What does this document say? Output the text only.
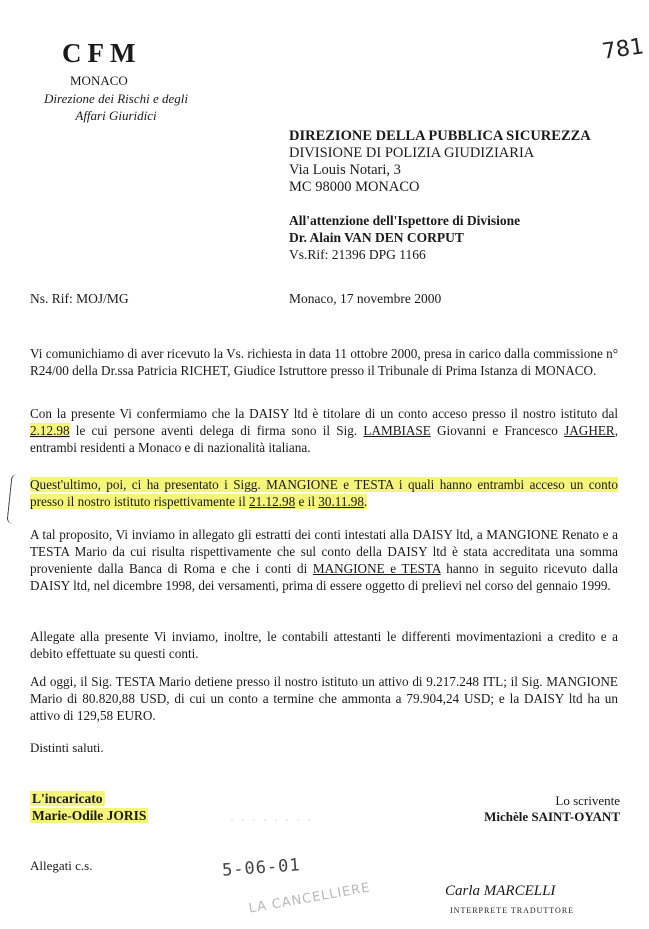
CFM
MONACO
Direzione dei Rischi e degli
Affari Giuridici
781
DIREZIONE DELLA PUBBLICA SICUREZZA
DIVISIONE DI POLIZIA GIUDIZIARIA
Via Louis Notari, 3
MC 98000 MONACO
All'attenzione dell'Ispettore di Divisione
Dr. Alain VAN DEN CORPUT
Vs.Rif: 21396 DPG 1166
Ns. Rif: MOJ/MG	Monaco, 17 novembre 2000
Vi comunichiamo di aver ricevuto la Vs. richiesta in data 11 ottobre 2000, presa in carico dalla commissione n° R24/00 della Dr.ssa Patricia RICHET, Giudice Istruttore presso il Tribunale di Prima Istanza di MONACO.
Con la presente Vi confermiamo che la DAISY ltd è titolare di un conto acceso presso il nostro istituto dal 2.12.98 le cui persone aventi delega di firma sono il Sig. LAMBIASE Giovanni e Francesco JAGHER, entrambi residenti a Monaco e di nazionalità italiana.
Quest'ultimo, poi, ci ha presentato i Sigg. MANGIONE e TESTA i quali hanno entrambi acceso un conto presso il nostro istituto rispettivamente il 21.12.98 e il 30.11.98.
A tal proposito, Vi inviamo in allegato gli estratti dei conti intestati alla DAISY ltd, a MANGIONE Renato e a TESTA Mario da cui risulta rispettivamente che sul conto della DAISY ltd è stata accreditata una somma proveniente dalla Banca di Roma e che i conti di MANGIONE e TESTA hanno in seguito ricevuto dalla DAISY ltd, nel dicembre 1998, dei versamenti, prima di essere oggetto di prelievi nel corso del gennaio 1999.
Allegate alla presente Vi inviamo, inoltre, le contabili attestanti le differenti movimentazioni a credito e a debito effettuate su questi conti.
Ad oggi, il Sig. TESTA Mario detiene presso il nostro istituto un attivo di 9.217.248 ITL; il Sig. MANGIONE Mario di 80.820,88 USD, di cui un conto a termine che ammonta a 79.904,24 USD; e la DAISY ltd ha un attivo di 129,58 EURO.
Distinti saluti.
L'incaricato
Marie-Odile JORIS	· · · · · · · ·
Lo scrivente
Michèle SAINT-OYANT
Allegati c.s.	5-06-01
LA CANCELLIERE	Carla MARCELLI
INTERPRETE TRADUTTORE
